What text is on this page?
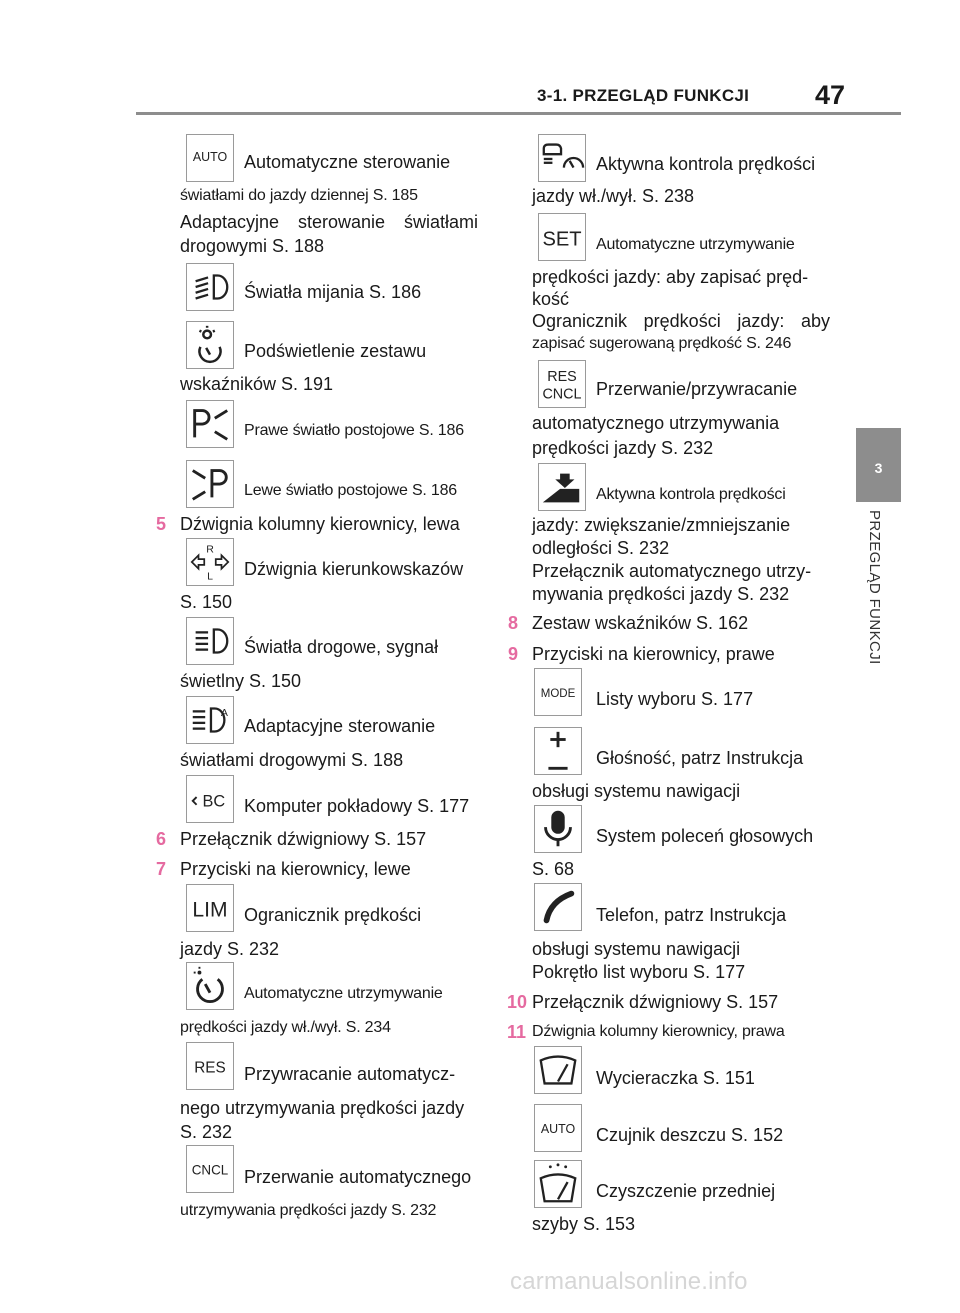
3-1. PRZEGLĄD FUNKCJI 47
3
PRZEGLĄD FUNKCJI
AUTO Automatyczne sterowanie
światłami do jazdy dziennej S. 185
Adaptacyjne sterowanie światłami
drogowymi S. 188
Światła mijania S. 186
Podświetlenie zestawu
wskaźników S. 191
Prawe światło postojowe S. 186
Lewe światło postojowe S. 186
5 Dźwignia kolumny kierownicy, lewa
R
L Dźwignia kierunkowskazów
S. 150
Światła drogowe, sygnał
świetlny S. 150
A
Adaptacyjne sterowanie
światłami drogowymi S. 188
BC Komputer pokładowy S. 177
6 Przełącznik dźwigniowy S. 157
7 Przyciski na kierownicy, lewe
LIM Ogranicznik prędkości
jazdy S. 232
Automatyczne utrzymywanie
prędkości jazdy wł./wył. S. 234
RES Przywracanie automatycz-
nego utrzymywania prędkości jazdy
S. 232
CNCL Przerwanie automatycznego
utrzymywania prędkości jazdy S. 232
Aktywna kontrola prędkości
jazdy wł./wył. S. 238
SET Automatyczne utrzymywanie
prędkości jazdy: aby zapisać pręd-
kość
Ogranicznik prędkości jazdy: aby
zapisać sugerowaną prędkość S. 246
RES
CNCL Przerwanie/przywracanie
automatycznego utrzymywania
prędkości jazdy S. 232
Aktywna kontrola prędkości
jazdy: zwiększanie/zmniejszanie
odległości S. 232
Przełącznik automatycznego utrzy-
mywania prędkości jazdy S. 232
8 Zestaw wskaźników S. 162
9 Przyciski na kierownicy, prawe
MODE Listy wyboru S. 177
Głośność, patrz Instrukcja
obsługi systemu nawigacji
System poleceń głosowych
S. 68
Telefon, patrz Instrukcja
obsługi systemu nawigacji
Pokrętło list wyboru S. 177
10 Przełącznik dźwigniowy S. 157
11 Dźwignia kolumny kierownicy, prawa
Wycieraczka S. 151
AUTO Czujnik deszczu S. 152
Czyszczenie przedniej
szyby S. 153
carmanualsonline.info
